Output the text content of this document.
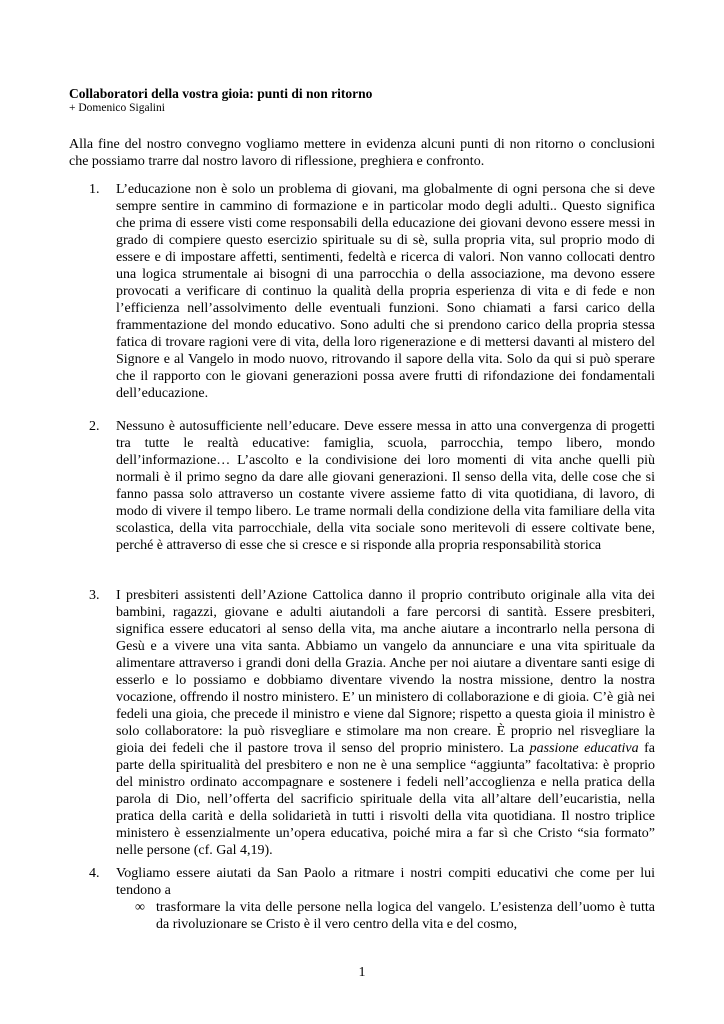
Collaboratori della vostra gioia: punti di non ritorno
+ Domenico Sigalini
Alla fine del nostro convegno vogliamo mettere in evidenza alcuni punti di non ritorno o conclusioni che possiamo trarre dal nostro lavoro di riflessione, preghiera e confronto.
1. L’educazione non è solo un problema di giovani, ma globalmente di ogni persona che si deve sempre sentire in cammino di formazione e in particolar modo degli adulti.. Questo significa che prima di essere visti come responsabili della educazione dei giovani devono essere messi in grado di compiere questo esercizio spirituale su di sè, sulla propria vita, sul proprio modo di essere e di impostare affetti, sentimenti, fedeltà e ricerca di valori. Non vanno collocati dentro una logica strumentale ai bisogni di una parrocchia o della associazione, ma devono essere provocati a verificare di continuo la qualità della propria esperienza di vita e di fede e non l’efficienza nell’assolvimento delle eventuali funzioni. Sono chiamati a farsi carico della frammentazione del mondo educativo. Sono adulti che si prendono carico della propria stessa fatica di trovare ragioni vere di vita, della loro rigenerazione e di mettersi davanti al mistero del Signore e al Vangelo in modo nuovo, ritrovando il sapore della vita. Solo da qui si può sperare che il rapporto con le giovani generazioni possa avere frutti di rifondazione dei fondamentali dell’educazione.
2. Nessuno è autosufficiente nell’educare. Deve essere messa in atto una convergenza di progetti tra tutte le realtà educative: famiglia, scuola, parrocchia, tempo libero, mondo dell’informazione… L’ascolto e la condivisione dei loro momenti di vita anche quelli più normali è il primo segno da dare alle giovani generazioni. Il senso della vita, delle cose che si fanno passa solo attraverso un costante vivere assieme fatto di vita quotidiana, di lavoro, di modo di vivere il tempo libero. Le trame normali della condizione della vita familiare della vita scolastica, della vita parrocchiale, della vita sociale sono meritevoli di essere coltivate bene, perché è attraverso di esse che si cresce e si risponde alla propria responsabilità storica
3. I presbiteri assistenti dell’Azione Cattolica danno il proprio contributo originale alla vita dei bambini, ragazzi, giovane e adulti aiutandoli a fare percorsi di santità. Essere presbiteri, significa essere educatori al senso della vita, ma anche aiutare a incontrarlo nella persona di Gesù e a vivere una vita santa. Abbiamo un vangelo da annunciare e una vita spirituale da alimentare attraverso i grandi doni della Grazia. Anche per noi aiutare a diventare santi esige di esserlo e lo possiamo e dobbiamo diventare vivendo la nostra missione, dentro la nostra vocazione, offrendo il nostro ministero. E’ un ministero di collaborazione e di gioia. C’è già nei fedeli una gioia, che precede il ministro e viene dal Signore; rispetto a questa gioia il ministro è solo collaboratore: la può risvegliare e stimolare ma non creare. È proprio nel risvegliare la gioia dei fedeli che il pastore trova il senso del proprio ministero. La passione educativa fa parte della spiritualità del presbitero e non ne è una semplice “aggiunta” facoltativa: è proprio del ministro ordinato accompagnare e sostenere i fedeli nell’accoglienza e nella pratica della parola di Dio, nell’offerta del sacrificio spirituale della vita all’altare dell’eucaristia, nella pratica della carità e della solidarietà in tutti i risvolti della vita quotidiana. Il nostro triplice ministero è essenzialmente un’opera educativa, poiché mira a far sì che Cristo “sia formato” nelle persone (cf. Gal 4,19).
4. Vogliamo essere aiutati da San Paolo a ritmare i nostri compiti educativi che come per lui tendono a
∞ trasformare la vita delle persone nella logica del vangelo. L’esistenza dell’uomo è tutta da rivoluzionare se Cristo è il vero centro della vita e del cosmo,
1
